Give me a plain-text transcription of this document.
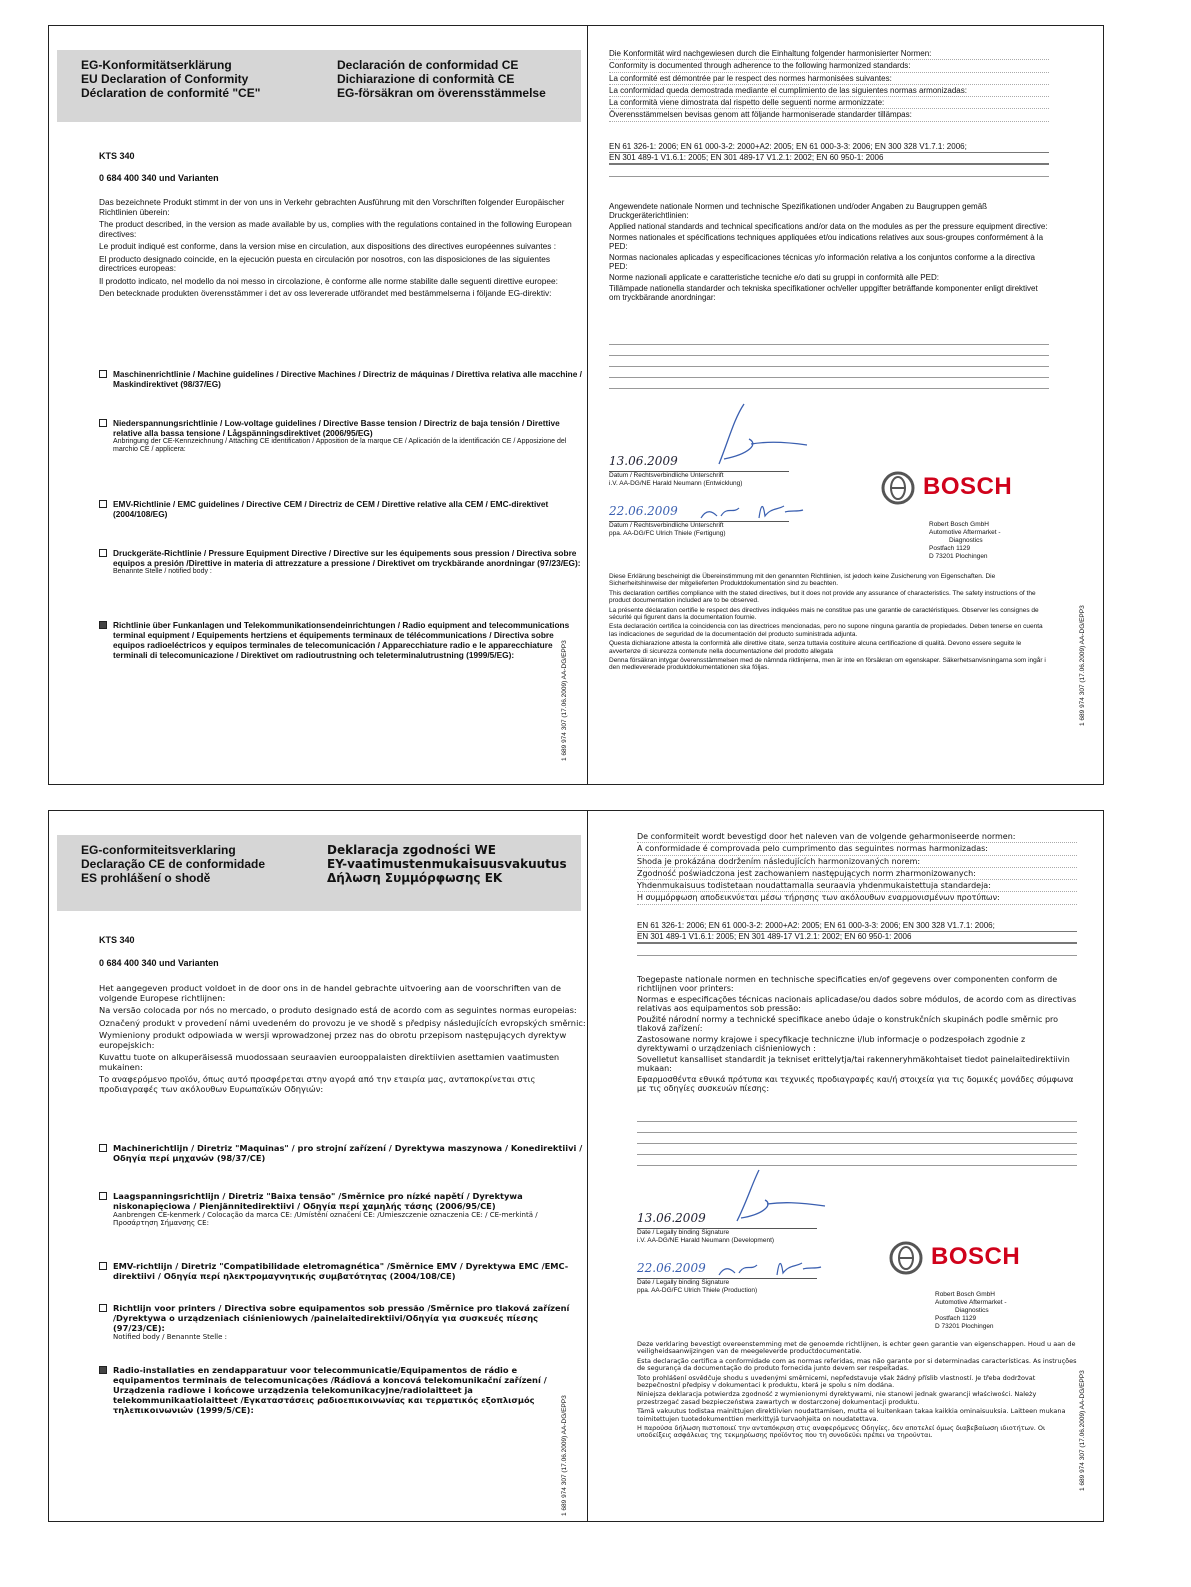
EG-Konformitätserklärung
EU Declaration of Conformity
Déclaration de conformité "CE"
Declaración de conformidad CE
Dichiarazione di conformità CE
EG-försäkran om överensstämmelse
KTS 340
0 684 400 340 und Varianten

Das bezeichnete Produkt stimmt in der von uns in Verkehr gebrachten Ausführung mit den Vorschriften folgender Europäischer Richtlinien überein:

The product described, in the version as made available by us, complies with the regulations contained in the following European directives:

Le produit indiqué est conforme, dans la version mise en circulation, aux dispositions des directives européennes suivantes :

El producto designado coincide, en la ejecución puesta en circulación por nosotros, con las disposiciones de las siguientes directrices europeas:

Il prodotto indicato, nel modello da noi messo in circolazione, è conforme alle norme stabilite dalle seguenti direttive europee:

Den betecknade produkten överensstämmer i det av oss levererade utförandet med bestämmelserna i följande EG-direktiv:

Maschinenrichtlinie / Machine guidelines / Directive Machines / Directriz de máquinas / Direttiva relativa alle macchine / Maskindirektivet (98/37/EG)
Niederspannungsrichtlinie / Low-voltage guidelines / Directive Basse tension / Directriz de baja tensión / Direttive relative alla bassa tensione / Lågspänningsdirektivet (2006/95/EG)
Anbringung der CE-Kennzeichnung / Attaching CE identification / Apposition de la marque CE / Aplicación de la identificación CE / Apposizione del marchio CE / applicera:
EMV-Richtlinie / EMC guidelines / Directive CEM / Directriz de CEM / Direttive relative alla CEM / EMC-direktivet (2004/108/EG)
Druckgeräte-Richtlinie / Pressure Equipment Directive / Directive sur les équipements sous pression / Directiva sobre equipos a presión /Direttive in materia di attrezzature a pressione / Direktivet om tryckbärande anordningar (97/23/EG):
Benannte Stelle / notified body :
Richtlinie über Funkanlagen und Telekommunikationsendeinrichtungen / Radio equipment and telecommunications terminal equipment / Equipements hertziens et équipements terminaux de télécommunications / Directiva sobre equipos radioeléctricos y equipos terminales de telecomunicación / Apparecchiature radio e le apparecchiature terminali di telecomunicazione / Direktivet om radioutrustning och teleterminalutrustning (1999/5/EG):	1 689 974 307 (17.06.2009) AA-DG/EPP3
Die Konformität wird nachgewiesen durch die Einhaltung folgender harmonisierter Normen:
Conformity is documented through adherence to the following harmonized standards:
La conformité est démontrée par le respect des normes harmonisées suivantes:
La conformidad queda demostrada mediante el cumplimiento de las siguientes normas armonizadas:
La conformità viene dimostrata dal rispetto delle seguenti norme armonizzate:
Överensstämmelsen bevisas genom att följande harmoniserade standarder tillämpas:
EN 61 326-1: 2006; EN 61 000-3-2: 2000+A2: 2005; EN 61 000-3-3: 2006; EN 300 328 V1.7.1: 2006;
EN 301 489-1 V1.6.1: 2005; EN 301 489-17 V1.2.1: 2002; EN 60 950-1: 2006

Angewendete nationale Normen und technische Spezifikationen und/oder Angaben zu Baugruppen gemäß Druckgeräterichtlinien:

Applied national standards and technical specifications and/or data on the modules as per the pressure equipment directive:

Normes nationales et spécifications techniques appliquées et/ou indications relatives aux sous-groupes conformément à la PED:

Normas nacionales aplicadas y especificaciones técnicas y/o información relativa a los conjuntos conforme a la directiva PED:

Norme nazionali applicate e caratteristiche tecniche e/o dati su gruppi in conformità alle PED:

Tillämpade nationella standarder och tekniska specifikationer och/eller uppgifter beträffande komponenter enligt direktivet om tryckbärande anordningar:

13.06.2009
Datum / Rechtsverbindliche Unterschrift
i.V. AA-DG/NE Harald Neumann (Entwicklung)
22.06.2009
Datum / Rechtsverbindliche Unterschrift
ppa. AA-DG/FC Ulrich Thiele (Fertigung)
BOSCH
Robert Bosch GmbH
Automotive Aftermarket -
Diagnostics
Postfach 1129
D 73201 Plochingen

Diese Erklärung bescheinigt die Übereinstimmung mit den genannten Richtlinien, ist jedoch keine Zusicherung von Eigenschaften. Die Sicherheitshinweise der mitgelieferten Produktdokumentation sind zu beachten.

This declaration certifies compliance with the stated directives, but it does not provide any assurance of characteristics. The safety instructions of the product documentation included are to be observed.

La présente déclaration certifie le respect des directives indiquées mais ne constitue pas une garantie de caractéristiques. Observer les consignes de sécurité qui figurent dans la documentation fournie.

Esta declaración certifica la coincidencia con las directrices mencionadas, pero no supone ninguna garantía de propiedades. Deben tenerse en cuenta las indicaciones de seguridad de la documentación del producto suministrada adjunta.

Questa dichiarazione attesta la conformità alle direttive citate, senza tuttavia costituire alcuna certificazione di qualità. Devono essere seguite le avvertenze di sicurezza contenute nella documentazione del prodotto allegata

Denna försäkran intygar överensstämmelsen med de nämnda riktlinjerna, men är inte en försäkran om egenskaper. Säkerhetsanvisningarna som ingår i den medlevererade produktdokumentationen ska följas.	1 689 974 307 (17.06.2009) AA-DG/EPP3
EG-conformiteitsverklaring
Declaração CE de conformidade
ES prohlášení o shodě
Deklaracja zgodności WE
EY-vaatimustenmukaisuusvakuutus
Δήλωση Συμμόρφωσης ΕΚ
KTS 340
0 684 400 340 und Varianten

Het aangegeven product voldoet in de door ons in de handel gebrachte uitvoering aan de voorschriften van de volgende Europese richtlijnen:

Na versão colocada por nós no mercado, o produto designado está de acordo com as seguintes normas europeias:

Označený produkt v provedení námi uvedeném do provozu je ve shodě s předpisy následujících evropských směrnic:

Wymieniony produkt odpowiada w wersji wprowadzonej przez nas do obrotu przepisom następujących dyrektyw europejskich:

Kuvattu tuote on alkuperäisessä muodossaan seuraavien eurooppalaisten direktiivien asettamien vaatimusten mukainen:

Το αναφερόμενο προϊόν, όπως αυτό προσφέρεται στην αγορά από την εταιρία μας, ανταποκρίνεται στις προδιαγραφές των ακόλουθων Ευρωπαϊκών Οδηγιών:

Machinerichtlijn / Diretriz "Maquinas" / pro strojní zařízení / Dyrektywa maszynowa / Konedirektiivi / Οδηγία περί μηχανών (98/37/CE)
Laagspanningsrichtlijn / Diretriz "Baixa tensão" /Směrnice pro nízké napětí / Dyrektywa niskonapięciowa / Pienjännitedirektiivi / Οδηγία περί χαμηλής τάσης (2006/95/CE)
Aanbrengen CE-kenmerk / Colocação da marca CE: /Umístění označení CE: /Umieszczenie oznaczenia CE: / CE-merkintä / Προσάρτηση Σήμανσης CE:
EMV-richtlijn / Diretriz "Compatibilidade eletromagnética" /Směrnice EMV / Dyrektywa EMC /EMC-direktiivi / Οδηγία περί ηλεκτρομαγνητικής συμβατότητας (2004/108/CE)
Richtlijn voor printers / Directiva sobre equipamentos sob pressão /Směrnice pro tlaková zařízení /Dyrektywa o urządzeniach ciśnieniowych /painelaitedirektiivi/Οδηγία για συσκευές πίεσης (97/23/CE):
Notified body / Benannte Stelle :
Radio-installaties en zendapparatuur voor telecommunicatie/Equipamentos de rádio e equipamentos terminais de telecomunicações /Rádiová a koncová telekomunikační zařízení / Urządzenia radiowe i końcowe urządzenia telekomunikacyjne/radiolaitteet ja telekommunikaatiolaitteet /Εγκαταστάσεις ραδιοεπικοινωνίας και τερματικός εξοπλισμός τηλεπικοινωνιών (1999/5/CE):	1 689 974 307 (17.06.2009) AA-DG/EPP3
De conformiteit wordt bevestigd door het naleven van de volgende geharmoniseerde normen:
A conformidade é comprovada pelo cumprimento das seguintes normas harmonizadas:
Shoda je prokázána dodržením následujících harmonizovaných norem:
Zgodność poświadczona jest zachowaniem następujących norm zharmonizowanych:
Yhdenmukaisuus todistetaan noudattamalla seuraavia yhdenmukaistettuja standardeja:
Η συμμόρφωση αποδεικνύεται μέσω τήρησης των ακόλουθων εναρμονισμένων προτύπων:
EN 61 326-1: 2006; EN 61 000-3-2: 2000+A2: 2005; EN 61 000-3-3: 2006; EN 300 328 V1.7.1: 2006;
EN 301 489-1 V1.6.1: 2005; EN 301 489-17 V1.2.1: 2002; EN 60 950-1: 2006

Toegepaste nationale normen en technische specificaties en/of gegevens over componenten conform de richtlijnen voor printers:

Normas e especificações técnicas nacionais aplicadase/ou dados sobre módulos, de acordo com as directivas relativas aos equipamentos sob pressão:

Použité národní normy a technické specifikace anebo údaje o konstrukčních skupinách podle směrnic pro tlaková zařízení:

Zastosowane normy krajowe i specyfikacje techniczne i/lub informacje o podzespołach zgodnie z dyrektywami o urządzeniach ciśnieniowych :

Sovelletut kansalliset standardit ja tekniset erittelytja/tai rakenneryhmäkohtaiset tiedot painelaitedirektiivin mukaan:

Εφαρμοσθέντα εθνικά πρότυπα και τεχνικές προδιαγραφές και/ή στοιχεία για τις δομικές μονάδες σύμφωνα με τις οδηγίες συσκευών πίεσης:

13.06.2009
Date / Legally binding Signature
i.V. AA-DG/NE Harald Neumann (Development)
22.06.2009
Date / Legally binding Signature
ppa. AA-DG/FC Ulrich Thiele (Production)
BOSCH
Robert Bosch GmbH
Automotive Aftermarket -
Diagnostics
Postfach 1129
D 73201 Plochingen

Deze verklaring bevestigt overeenstemming met de genoemde richtlijnen, is echter geen garantie van eigenschappen. Houd u aan de veiligheidsaanwijzingen van de meegeleverde productdocumentatie.

Esta declaração certifica a conformidade com as normas referidas, mas não garante por si determinadas características. As instruções de segurança da documentação do produto fornecida junto devem ser respeitadas.

Toto prohlášení osvědčuje shodu s uvedenými směrnicemi, nepředstavuje však žádný příslib vlastností. Je třeba dodržovat bezpečnostní předpisy v dokumentaci k produktu, která je spolu s ním dodána.

Niniejsza deklaracja potwierdza zgodność z wymienionymi dyrektywami, nie stanowi jednak gwarancji właściwości. Należy przestrzegać zasad bezpieczeństwa zawartych w dostarczonej dokumentacji produktu.

Tämä vakuutus todistaa mainittujen direktiivien noudattamisen, mutta ei kuitenkaan takaa kaikkia ominaisuuksia. Laitteen mukana toimitettujen tuotedokumenttien merkittyjä turvaohjeita on noudatettava.

Η παρούσα δήλωση πιστοποιεί την ανταπόκριση στις αναφερόμενες Οδηγίες, δεν αποτελεί όμως διαβεβαίωση ιδιοτήτων. Οι υποδείξεις ασφάλειας της τεκμηρίωσης προϊόντος που τη συνοδεύει πρέπει να τηρούνται.	1 689 974 307 (17.06.2009) AA-DG/EPP3
